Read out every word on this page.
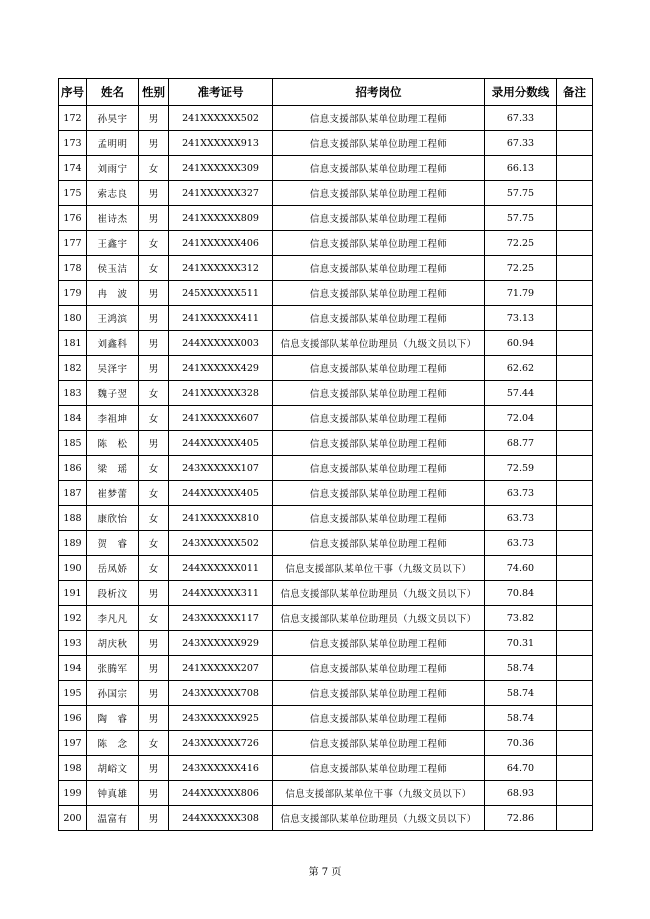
序号	姓名	性别	准考证号	招考岗位	录用分数线	备注
172	孙昊宇	男	241XXXXXX502	信息支援部队某单位助理工程师	67.33	
173	孟明明	男	241XXXXXX913	信息支援部队某单位助理工程师	67.33	
174	刘雨宁	女	241XXXXXX309	信息支援部队某单位助理工程师	66.13	
175	索志良	男	241XXXXXX327	信息支援部队某单位助理工程师	57.75	
176	崔诗杰	男	241XXXXXX809	信息支援部队某单位助理工程师	57.75	
177	王鑫宇	女	241XXXXXX406	信息支援部队某单位助理工程师	72.25	
178	侯玉洁	女	241XXXXXX312	信息支援部队某单位助理工程师	72.25	
179	冉　波	男	245XXXXXX511	信息支援部队某单位助理工程师	71.79	
180	王鸿滨	男	241XXXXXX411	信息支援部队某单位助理工程师	73.13	
181	刘鑫科	男	244XXXXXX003	信息支援部队某单位助理员（九级文员以下）	60.94	
182	吴泽宇	男	241XXXXXX429	信息支援部队某单位助理工程师	62.62	
183	魏子翌	女	241XXXXXX328	信息支援部队某单位助理工程师	57.44	
184	李祖坤	女	241XXXXXX607	信息支援部队某单位助理工程师	72.04	
185	陈　松	男	244XXXXXX405	信息支援部队某单位助理工程师	68.77	
186	梁　瑶	女	243XXXXXX107	信息支援部队某单位助理工程师	72.59	
187	崔梦蕾	女	244XXXXXX405	信息支援部队某单位助理工程师	63.73	
188	康欣怡	女	241XXXXXX810	信息支援部队某单位助理工程师	63.73	
189	贺　睿	女	243XXXXXX502	信息支援部队某单位助理工程师	63.73	
190	岳凤娇	女	244XXXXXX011	信息支援部队某单位干事（九级文员以下）	74.60	
191	段析汶	男	244XXXXXX311	信息支援部队某单位助理员（九级文员以下）	70.84	
192	李凡凡	女	243XXXXXX117	信息支援部队某单位助理员（九级文员以下）	73.82	
193	胡庆秋	男	243XXXXXX929	信息支援部队某单位助理工程师	70.31	
194	张腾军	男	241XXXXXX207	信息支援部队某单位助理工程师	58.74	
195	孙国宗	男	243XXXXXX708	信息支援部队某单位助理工程师	58.74	
196	陶　睿	男	243XXXXXX925	信息支援部队某单位助理工程师	58.74	
197	陈　念	女	243XXXXXX726	信息支援部队某单位助理工程师	70.36	
198	胡峪文	男	243XXXXXX416	信息支援部队某单位助理工程师	64.70	
199	钟真雄	男	244XXXXXX806	信息支援部队某单位干事（九级文员以下）	68.93	
200	温富有	男	244XXXXXX308	信息支援部队某单位助理员（九级文员以下）	72.86	
第 7 页
